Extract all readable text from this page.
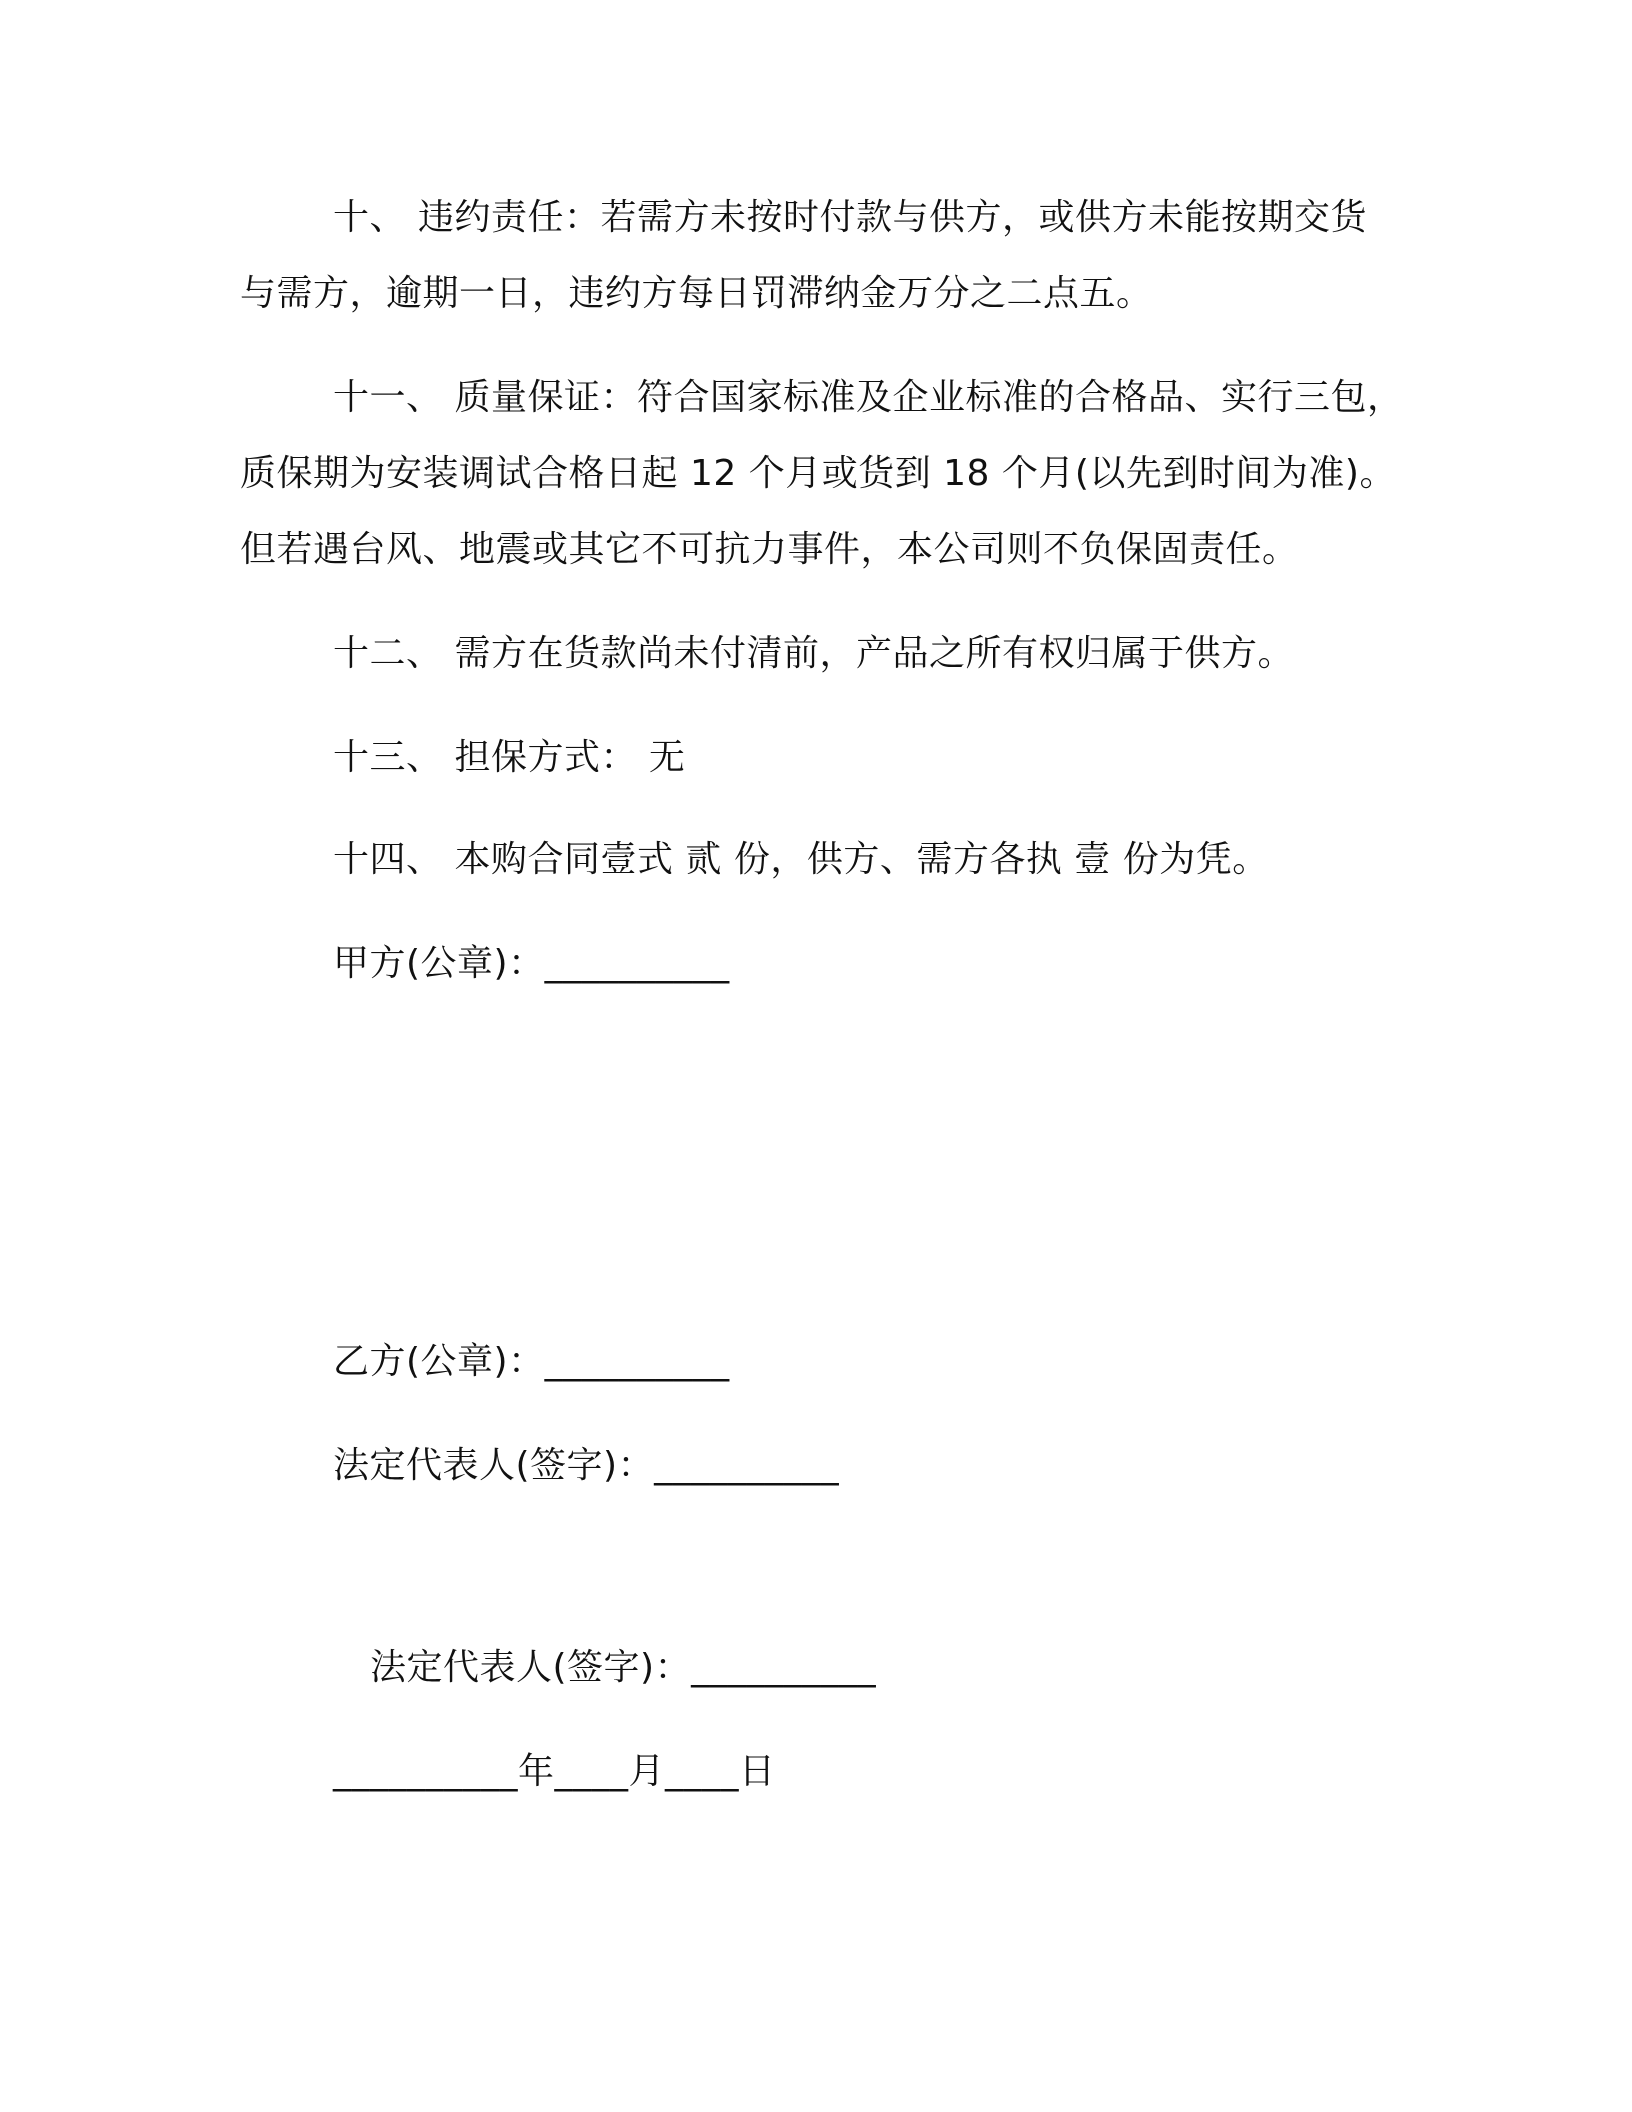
十、 违约责任：若需方未按时付款与供方，或供方未能按期交货
与需方，逾期一日，违约方每日罚滞纳金万分之二点五。
十一、 质量保证：符合国家标准及企业标准的合格品、实行三包，
质保期为安装调试合格日起 12 个月或货到 18 个月(以先到时间为准)。
但若遇台风、地震或其它不可抗力事件，本公司则不负保固责任。
十二、 需方在货款尚未付清前，产品之所有权归属于供方。
十三、 担保方式： 无
十四、 本购合同壹式 贰 份，供方、需方各执 壹 份为凭。
甲方(公章)：__________
乙方(公章)：__________
法定代表人(签字)：__________
法定代表人(签字)：__________
__________年____月____日
